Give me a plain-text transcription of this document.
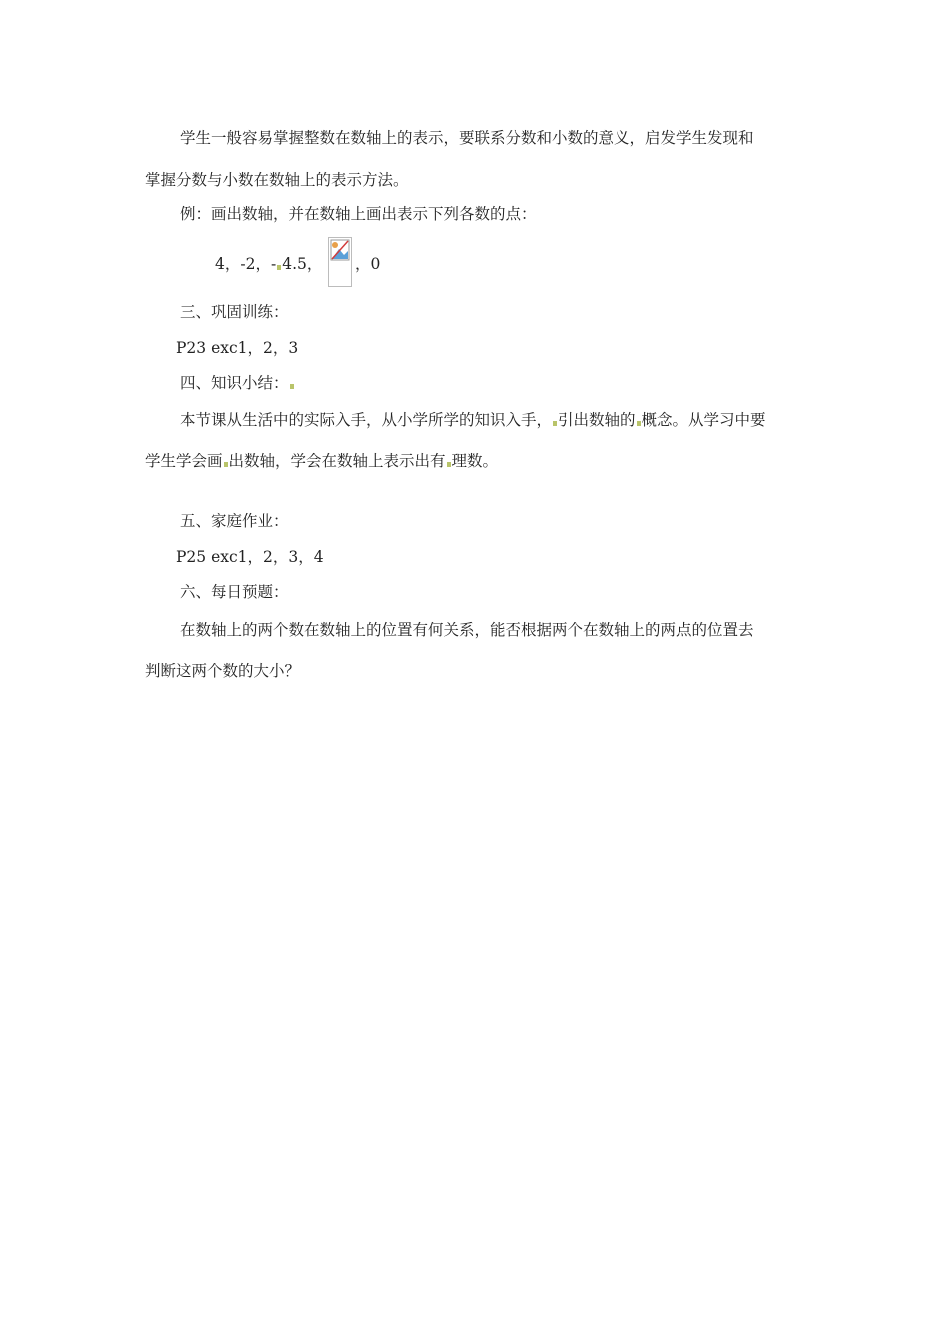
学生一般容易掌握整数在数轴上的表示，要联系分数和小数的意义，启发学生发现和
掌握分数与小数在数轴上的表示方法。
例：画出数轴，并在数轴上画出表示下列各数的点：
4，-2，- 4.5， ，0
三、巩固训练：
P23 exc1，2，3
四、知识小结：
本节课从生活中的实际入手，从小学所学的知识入手， 引出数轴的 概念。从学习中要
学生学会画 出数轴，学会在数轴上表示出有 理数。
五、家庭作业：
P25 exc1，2，3，4
六、每日预题：
在数轴上的两个数在数轴上的位置有何关系，能否根据两个在数轴上的两点的位置去
判断这两个数的大小？
